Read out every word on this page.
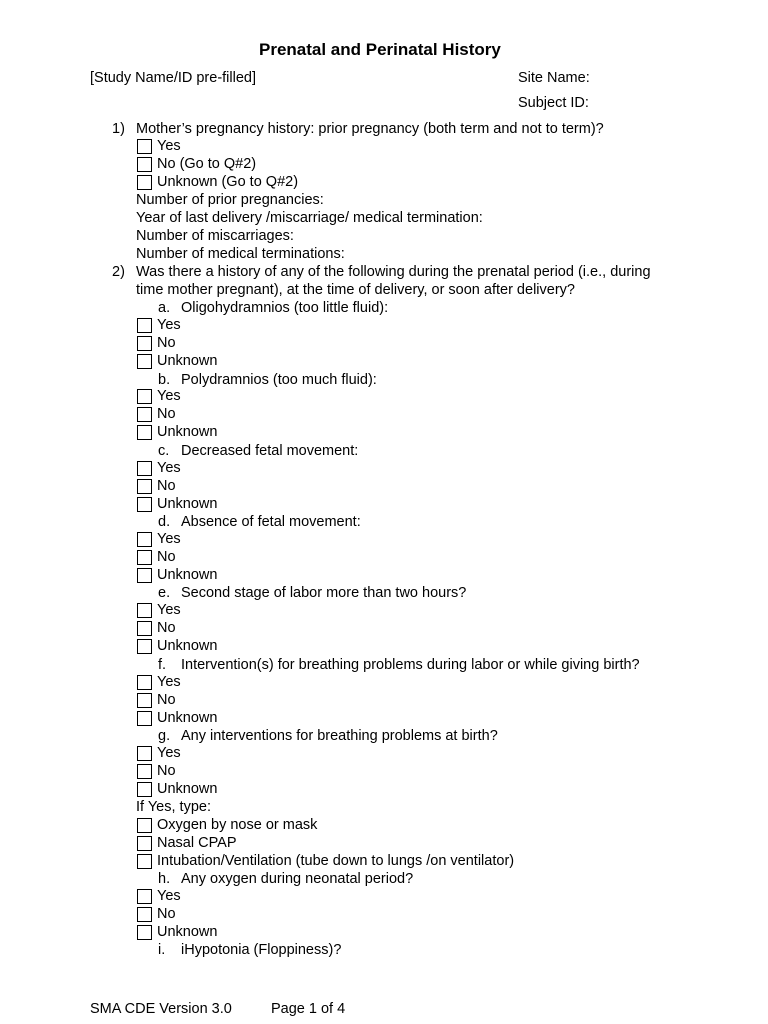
Prenatal and Perinatal History
[Study Name/ID pre-filled]	Site Name:
Subject ID:
1) Mother’s pregnancy history: prior pregnancy (both term and not to term)?
Yes
No (Go to Q#2)
Unknown (Go to Q#2)
Number of prior pregnancies:
Year of last delivery /miscarriage/ medical termination:
Number of miscarriages:
Number of medical terminations:
2) Was there a history of any of the following during the prenatal period (i.e., during
time mother pregnant), at the time of delivery, or soon after delivery?
a. Oligohydramnios (too little fluid):
Yes
No
Unknown
b. Polydramnios (too much fluid):
Yes
No
Unknown
c. Decreased fetal movement:
Yes
No
Unknown
d. Absence of fetal movement:
Yes
No
Unknown
e. Second stage of labor more than two hours?
Yes
No
Unknown
f. Intervention(s) for breathing problems during labor or while giving birth?
Yes
No
Unknown
g. Any interventions for breathing problems at birth?
Yes
No
Unknown
If Yes, type:
Oxygen by nose or mask
Nasal CPAP
Intubation/Ventilation (tube down to lungs /on ventilator)
h. Any oxygen during neonatal period?
Yes
No
Unknown
i. iHypotonia (Floppiness)?
SMA CDE Version 3.0	Page 1 of 4
